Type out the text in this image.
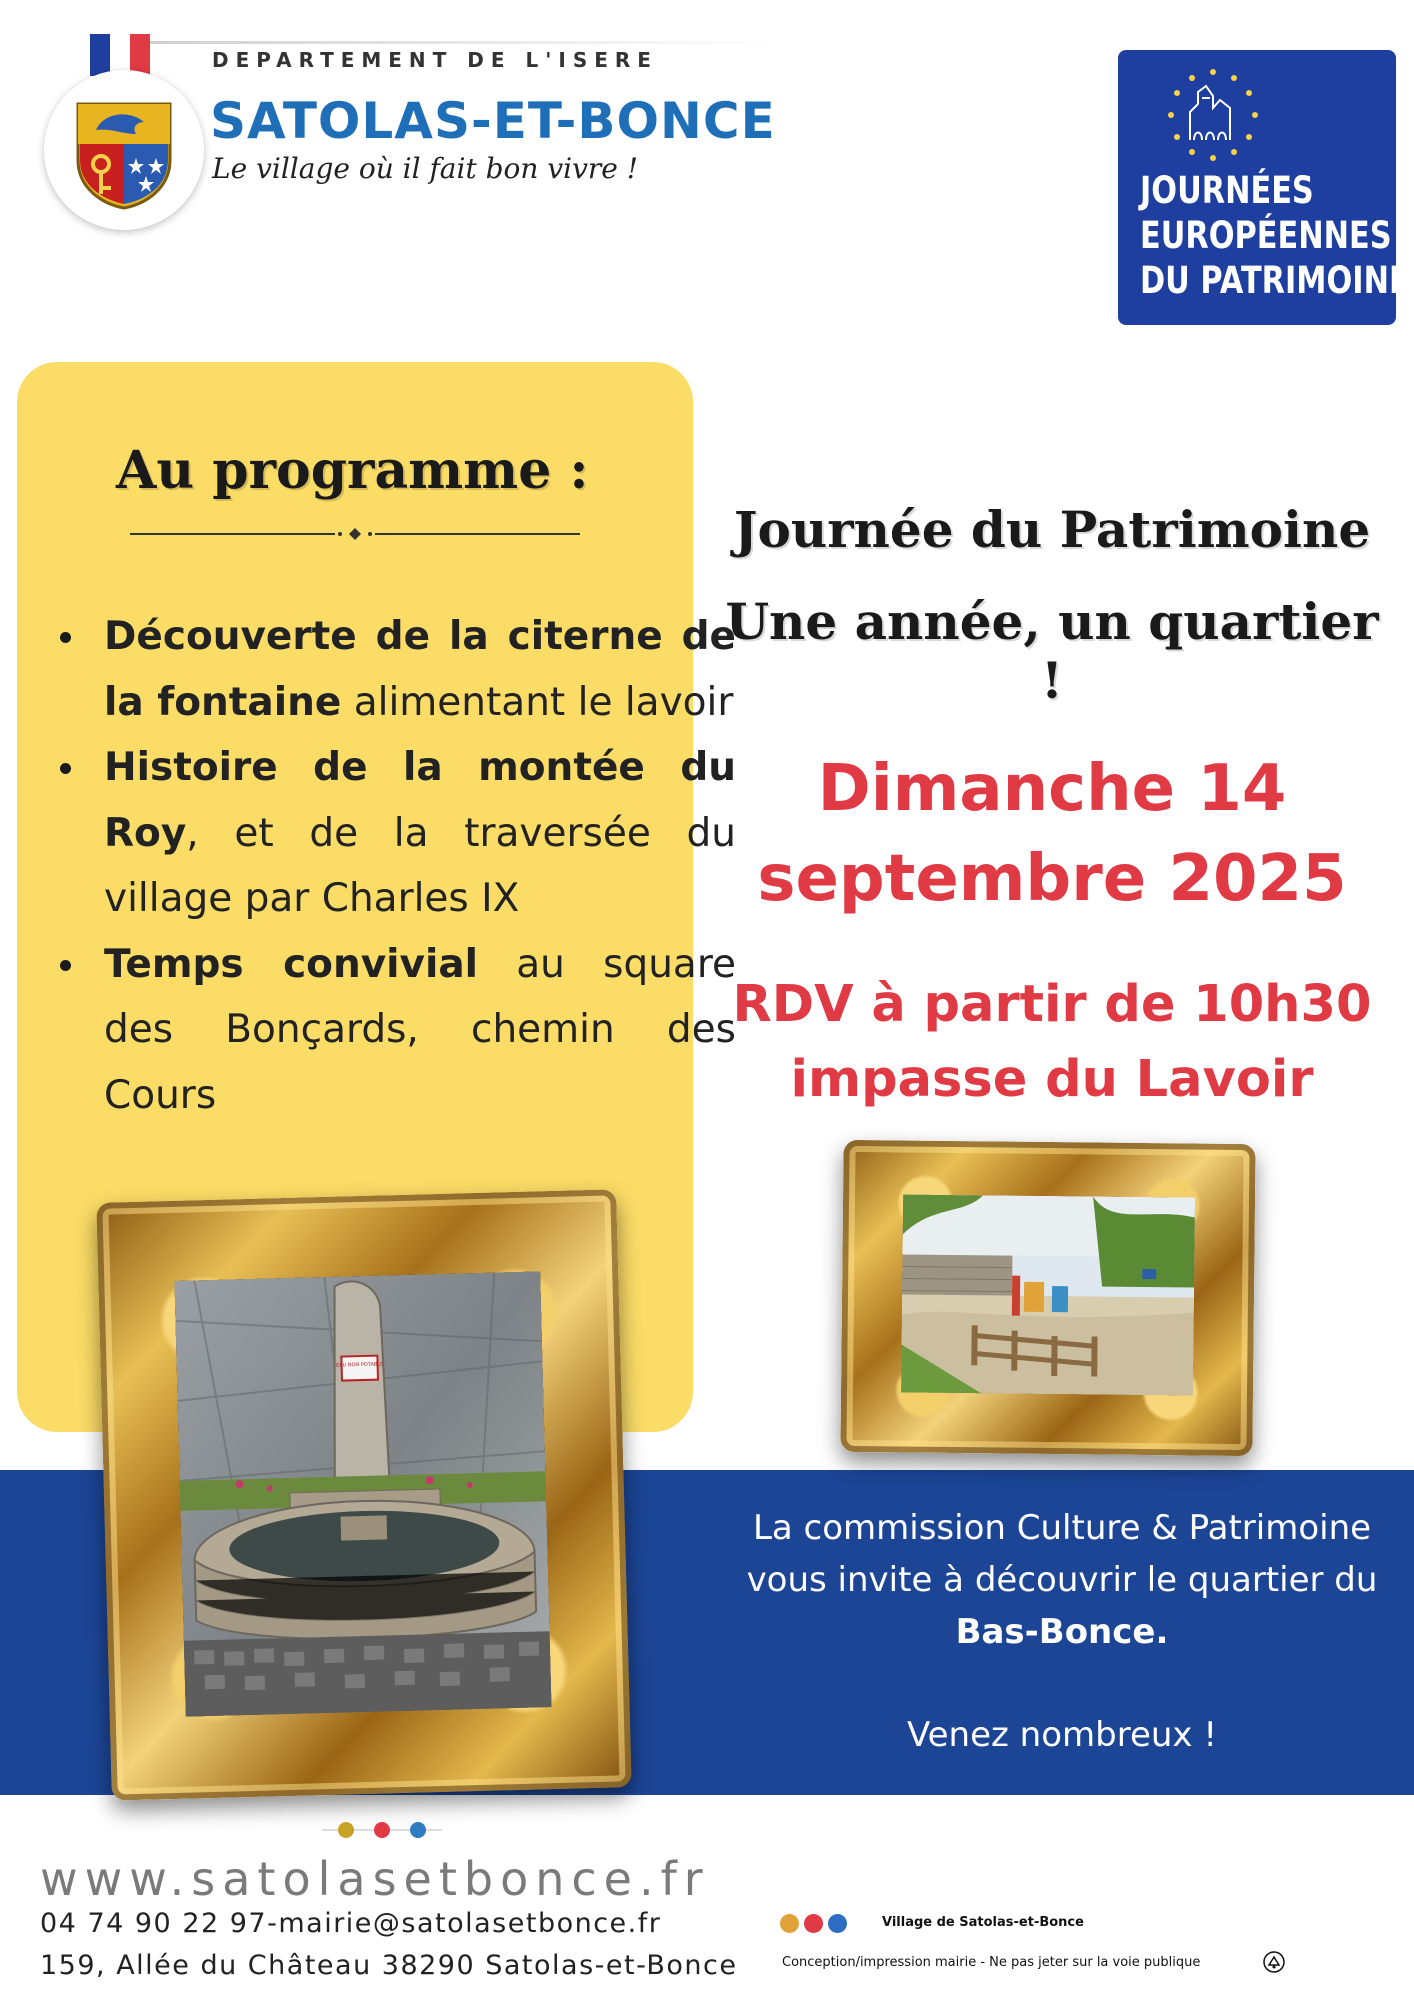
DEPARTEMENT DE L'ISERE
SATOLAS-ET-BONCE
Le village où il fait bon vivre !
JOURNÉES
EUROPÉENNES
DU PATRIMOINE
Au programme :
Découverte de la citerne de la fontaine alimentant le lavoir
Histoire de la montée du Roy, et de la traversée du village par Charles IX
Temps convivial au square des Bonçards, chemin des Cours
Journée du Patrimoine
Une année, un quartier !
Dimanche 14
septembre 2025
RDV à partir de 10h30
impasse du Lavoir
La commission Culture & Patrimoine
vous invite à découvrir le quartier du
Bas-Bonce.
Venez nombreux !
EAU NON POTABLE
www.satolasetbonce.fr
04 74 90 22 97-mairie@satolasetbonce.fr
159, Allée du Château 38290 Satolas-et-Bonce
Village de Satolas-et-Bonce
Conception/impression mairie - Ne pas jeter sur la voie publique
